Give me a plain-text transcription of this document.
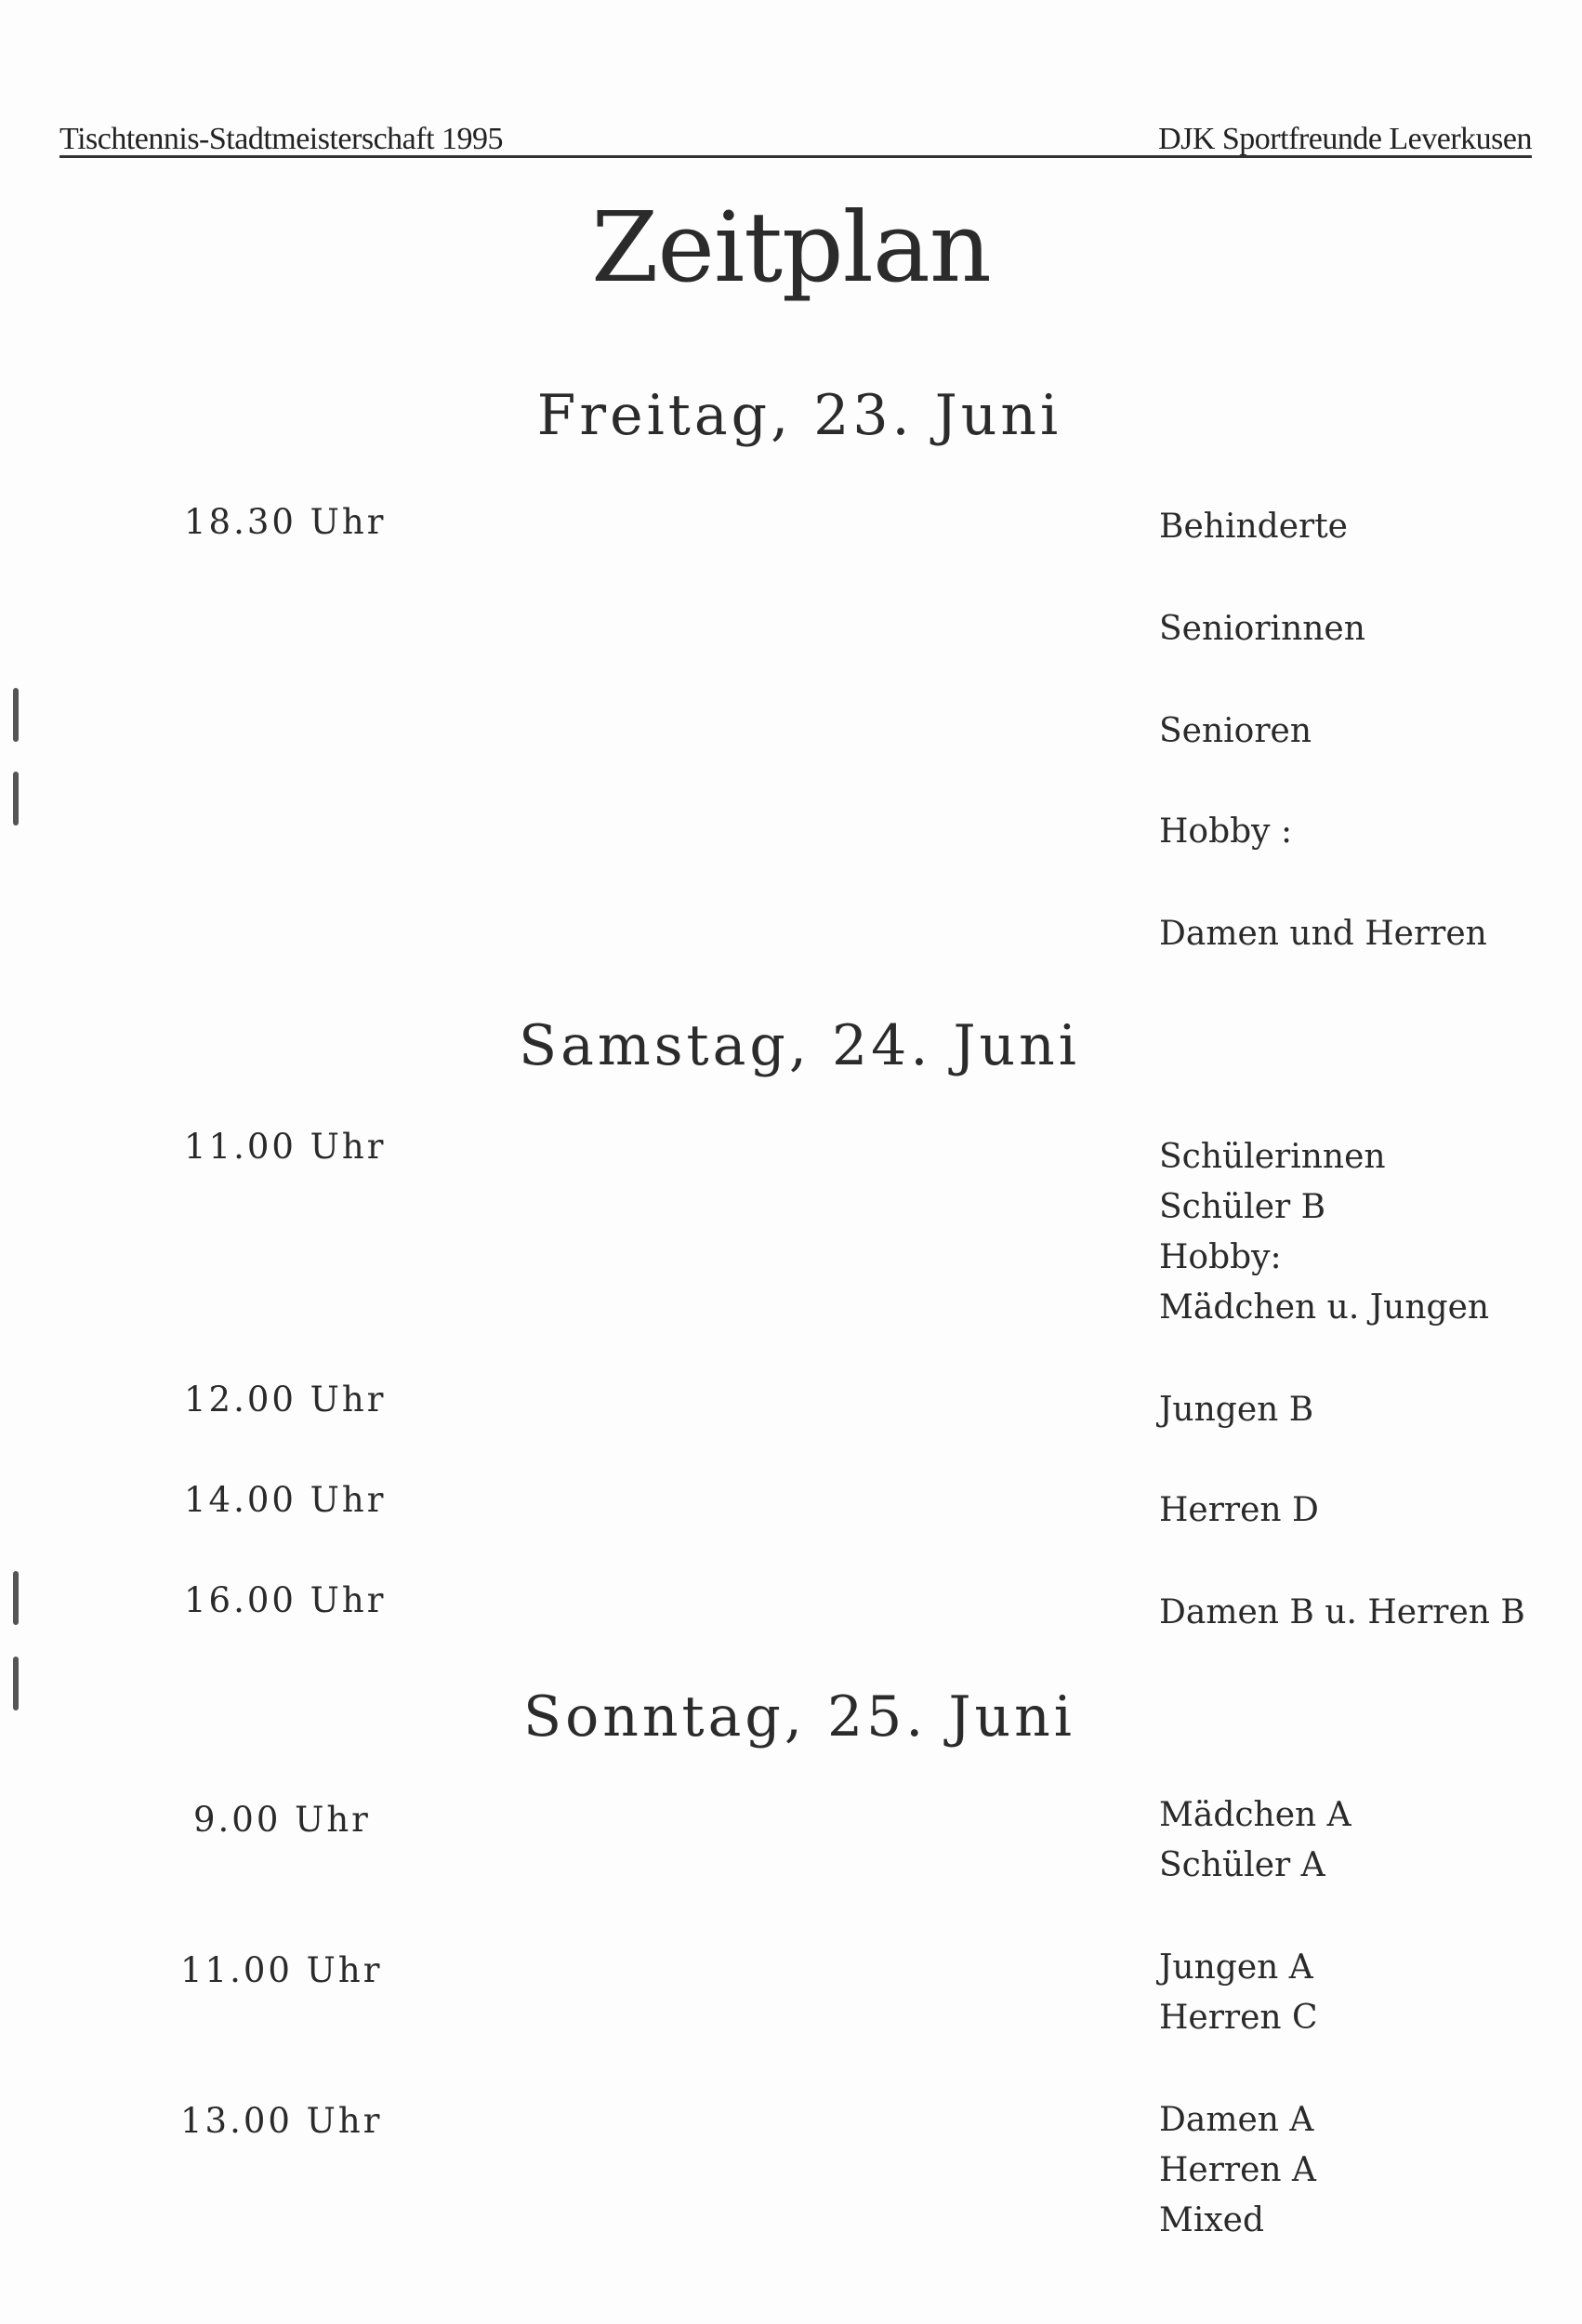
Tischtennis-Stadtmeisterschaft 1995	DJK Sportfreunde Leverkusen
Zeitplan
Freitag, 23. Juni
18.30 Uhr	Behinderte
Seniorinnen
Senioren
Hobby :
Damen und Herren
Samstag, 24. Juni
11.00 Uhr	Schülerinnen
Schüler B
Hobby:
Mädchen u. Jungen
12.00 Uhr	Jungen B
14.00 Uhr	Herren D
16.00 Uhr	Damen B u. Herren B
Sonntag, 25. Juni
9.00 Uhr	Mädchen A
Schüler A
11.00 Uhr	Jungen A
Herren C
13.00 Uhr	Damen A
Herren A
Mixed
